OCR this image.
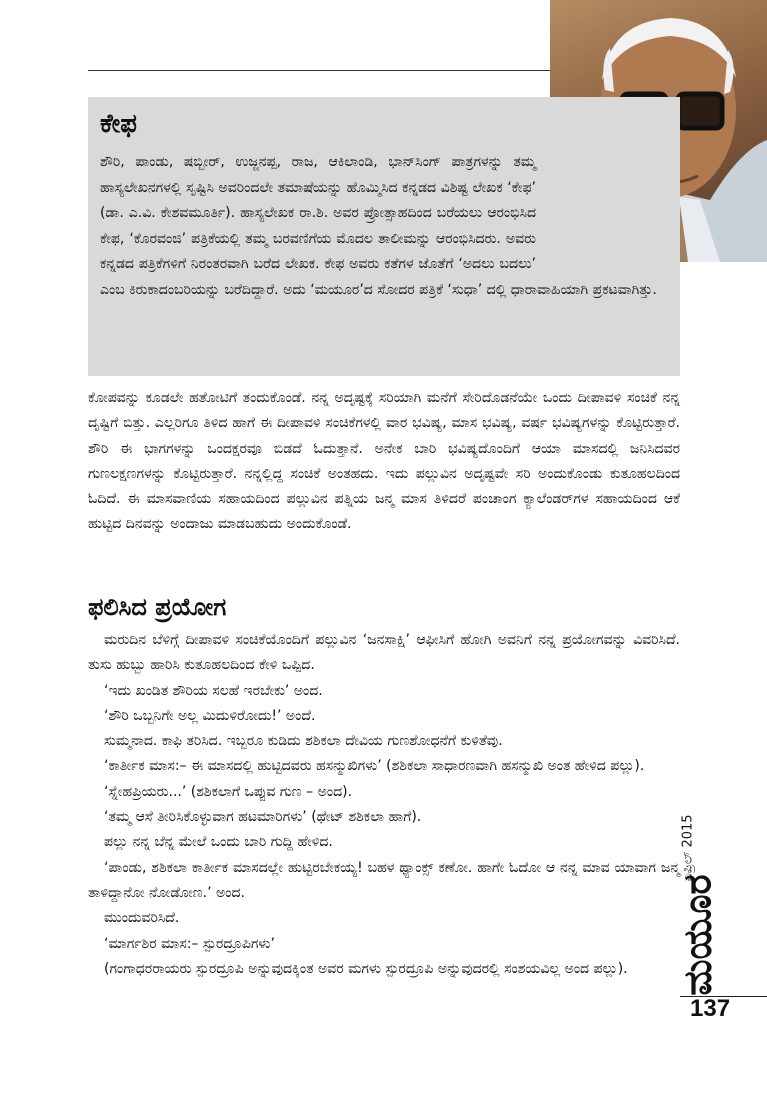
ಕೇಫ
ಶೌರಿ, ಪಾಂಡು, ಷಬ್ಬೀರ್, ಉಜ್ಜನಪ್ಪ, ರಾಜ, ಆಕಿಲಾಂಡಿ, ಭಾನ್‌ಸಿಂಗ್ ಪಾತ್ರಗಳನ್ನು ತಮ್ಮ ಹಾಸ್ಯಲೇಖನಗಳಲ್ಲಿ ಸೃಷ್ಟಿಸಿ ಅವರಿಂದಲೇ ತಮಾಷೆಯನ್ನು ಹೊಮ್ಮಿಸಿದ ಕನ್ನಡದ ವಿಶಿಷ್ಟ ಲೇಖಕ ‘ಕೇಫ’ (ಡಾ. ಎ.ವಿ. ಕೇಶವಮೂರ್ತಿ). ಹಾಸ್ಯಲೇಖಕ ರಾ.ಶಿ. ಅವರ ಪ್ರೋತ್ಸಾಹದಿಂದ ಬರೆಯಲು ಆರಂಭಿಸಿದ ಕೇಫ, ‘ಕೊರವಂಜಿ’ ಪತ್ರಿಕೆಯಲ್ಲಿ ತಮ್ಮ ಬರವಣಿಗೆಯ ಮೊದಲ ತಾಲೀಮನ್ನು ಆರಂಭಿಸಿದರು. ಅವರು ಕನ್ನಡದ ಪತ್ರಿಕೆಗಳಿಗೆ ನಿರಂತರವಾಗಿ ಬರೆದ ಲೇಖಕ. ಕೇಫ ಅವರು ಕತೆಗಳ ಜೊತೆಗೆ ‘ಅದಲು ಬದಲು’ ಎಂಬ ಕಿರುಕಾದಂಬರಿಯನ್ನು ಬರೆದಿದ್ದಾರೆ. ಅದು ‘ಮಯೂರ’ದ ಸೋದರ ಪತ್ರಿಕೆ ‘ಸುಧಾ’ ದಲ್ಲಿ ಧಾರಾವಾಹಿಯಾಗಿ ಪ್ರಕಟವಾಗಿತ್ತು.

ಕೋಪವನ್ನು ಕೂಡಲೇ ಹತೋಟಿಗೆ ತಂದುಕೊಂಡೆ. ನನ್ನ ಅದೃಷ್ಟಕ್ಕೆ ಸರಿಯಾಗಿ ಮನೆಗೆ ಸೇರಿದೊಡನೆಯೇ ಒಂದು ದೀಪಾವಳಿ ಸಂಚಿಕೆ ನನ್ನ ದೃಷ್ಟಿಗೆ ಬಿತ್ತು. ಎಲ್ಲರಿಗೂ ತಿಳಿದ ಹಾಗೆ ಈ ದೀಪಾವಳಿ ಸಂಚಿಕೆಗಳಲ್ಲಿ ವಾರ ಭವಿಷ್ಯ, ಮಾಸ ಭವಿಷ್ಯ, ವರ್ಷ ಭವಿಷ್ಯಗಳನ್ನು ಕೊಟ್ಟಿರುತ್ತಾರೆ. ಶೌರಿ ಈ ಭಾಗಗಳನ್ನು ಒಂದಕ್ಷರವೂ ಬಿಡದೆ ಓದುತ್ತಾನೆ. ಅನೇಕ ಬಾರಿ ಭವಿಷ್ಯದೊಂದಿಗೆ ಆಯಾ ಮಾಸದಲ್ಲಿ ಜನಿಸಿದವರ ಗುಣಲಕ್ಷಣಗಳನ್ನು ಕೊಟ್ಟಿರುತ್ತಾರೆ. ನನ್ನಲ್ಲಿದ್ದ ಸಂಚಿಕೆ ಅಂತಹದು. ಇದು ಪಲ್ಲುವಿನ ಅದೃಷ್ಟವೇ ಸರಿ ಅಂದುಕೊಂಡು ಕುತೂಹಲದಿಂದ ಓದಿದೆ. ಈ ಮಾಸವಾಣಿಯ ಸಹಾಯದಿಂದ ಪಲ್ಲುವಿನ ಪತ್ನಿಯ ಜನ್ಮ ಮಾಸ ತಿಳಿದರೆ ಪಂಚಾಂಗ ಕ್ಯಾಲೆಂಡರ್‌ಗಳ ಸಹಾಯದಿಂದ ಆಕೆ ಹುಟ್ಟಿದ ದಿನವನ್ನು ಅಂದಾಜು ಮಾಡಬಹುದು ಅಂದುಕೊಂಡೆ.

ಫಲಿಸಿದ ಪ್ರಯೋಗ

ಮರುದಿನ ಬೆಳಿಗ್ಗೆ ದೀಪಾವಳಿ ಸಂಚಿಕೆಯೊಂದಿಗೆ ಪಲ್ಲುವಿನ ‘ಜನಸಾಕ್ಷಿ’ ಆಫೀಸಿಗೆ ಹೋಗಿ ಅವನಿಗೆ ನನ್ನ ಪ್ರಯೋಗವನ್ನು ವಿವರಿಸಿದೆ. ತುಸು ಹುಬ್ಬು ಹಾರಿಸಿ ಕುತೂಹಲದಿಂದ ಕೇಳಿ ಒಪ್ಪಿದ.

‘ಇದು ಖಂಡಿತ ಶೌರಿಯ ಸಲಹೆ ಇರಬೇಕು’ ಅಂದ.

‘ಶೌರಿ ಒಬ್ಬನಿಗೇ ಅಲ್ಲ ಮಿದುಳಿರೋದು!’ ಅಂದೆ.

ಸುಮ್ಮನಾದ. ಕಾಫಿ ತರಿಸಿದ. ಇಬ್ಬರೂ ಕುಡಿದು ಶಶಿಕಲಾ ದೇವಿಯ ಗುಣಶೋಧನೆಗೆ ಕುಳಿತೆವು.

‘ಕಾರ್ತೀಕ ಮಾಸ:– ಈ ಮಾಸದಲ್ಲಿ ಹುಟ್ಟಿದವರು ಹಸನ್ಮುಖಿಗಳು’ (ಶಶಿಕಲಾ ಸಾಧಾರಣವಾಗಿ ಹಸನ್ಮುಖಿ ಅಂತ ಹೇಳಿದ ಪಲ್ಲು).

‘ಸ್ನೇಹಪ್ರಿಯರು...’ (ಶಶಿಕಲಾಗೆ ಒಪ್ಪುವ ಗುಣ – ಅಂದ).

‘ತಮ್ಮ ಆಸೆ ತೀರಿಸಿಕೊಳ್ಳುವಾಗ ಹಟಮಾರಿಗಳು’ (ಥೇಟ್ ಶಶಿಕಲಾ ಹಾಗೆ).

ಪಲ್ಲು ನನ್ನ ಬೆನ್ನ ಮೇಲೆ ಒಂದು ಬಾರಿ ಗುದ್ದಿ ಹೇಳಿದ.

‘ಪಾಂಡು, ಶಶಿಕಲಾ ಕಾರ್ತೀಕ ಮಾಸದಲ್ಲೇ ಹುಟ್ಟಿರಬೇಕಯ್ಯ! ಬಹಳ ಥ್ಯಾಂಕ್ಸ್ ಕಣೋ. ಹಾಗೇ ಓದೋ ಆ ನನ್ನ ಮಾವ ಯಾವಾಗ ಜನ್ಮ ತಾಳಿದ್ದಾನೋ ನೋಡೋಣ.’ ಅಂದ.

ಮುಂದುವರಿಸಿದೆ.

‘ಮಾರ್ಗಶಿರ ಮಾಸ:– ಸ್ಪುರದ್ರೂಪಿಗಳು’

(ಗಂಗಾಧರರಾಯರು ಸ್ಪುರದ್ರೂಪಿ ಅನ್ನುವುದಕ್ಕಿಂತ ಅವರ ಮಗಳು ಸ್ಪುರದ್ರೂಪಿ ಅನ್ನುವುದರಲ್ಲಿ ಸಂಶಯವಿಲ್ಲ ಅಂದ ಪಲ್ಲು).

ಏಪ್ರಿಲ್ 2015
ಮಯೂರ

137
